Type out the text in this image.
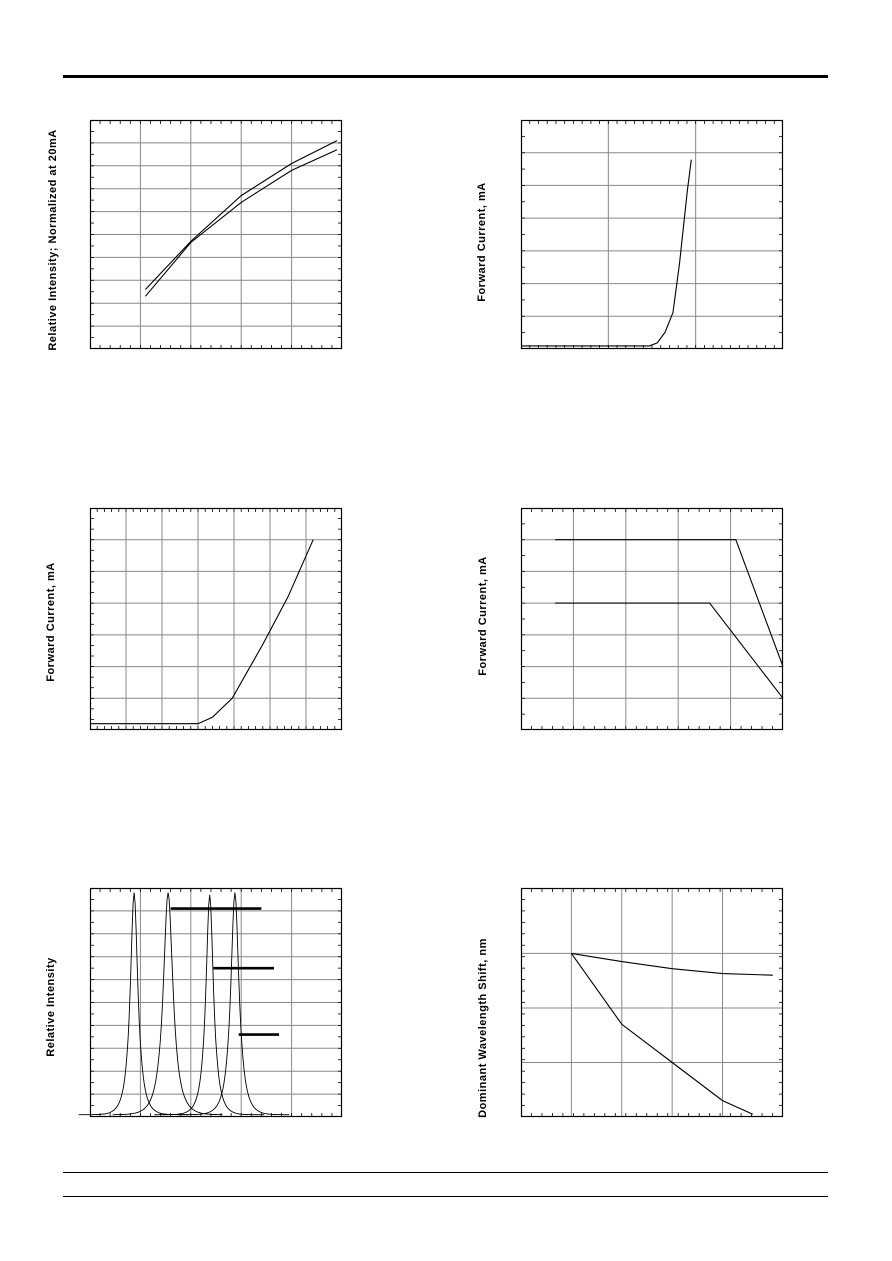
Relative Intensity; Normalized at 20mA	Forward Current, mA
Forward Current, mA	Forward Current, mA
Relative Intensity	Dominant Wavelength Shift, nm
